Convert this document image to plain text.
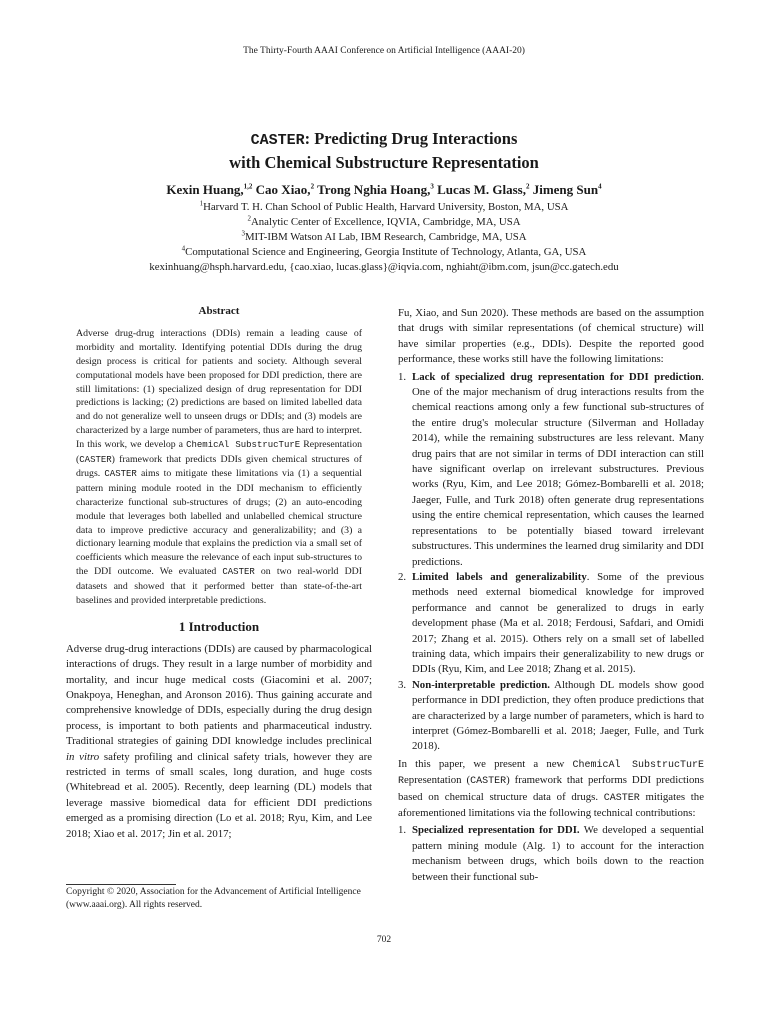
The Thirty-Fourth AAAI Conference on Artificial Intelligence (AAAI-20)
CASTER: Predicting Drug Interactions
with Chemical Substructure Representation
Kexin Huang,$^{1,2}$ Cao Xiao,$^2$ Trong Nghia Hoang,$^3$ Lucas M. Glass,$^2$ Jimeng Sun$^4$
$^1$Harvard T. H. Chan School of Public Health, Harvard University, Boston, MA, USA
$^2$Analytic Center of Excellence, IQVIA, Cambridge, MA, USA
$^3$MIT-IBM Watson AI Lab, IBM Research, Cambridge, MA, USA
$^4$Computational Science and Engineering, Georgia Institute of Technology, Atlanta, GA, USA
kexinhuang@hsph.harvard.edu, {cao.xiao, lucas.glass}@iqvia.com, nghiaht@ibm.com, jsun@cc.gatech.edu
Abstract

Adverse drug-drug interactions (DDIs) remain a leading cause of morbidity and mortality. Identifying potential DDIs during the drug design process is critical for patients and society. Although several computational models have been proposed for DDI prediction, there are still limitations: (1) specialized design of drug representation for DDI predictions is lacking; (2) predictions are based on limited labelled data and do not generalize well to unseen drugs or DDIs; and (3) models are characterized by a large number of parameters, thus are hard to interpret. In this work, we develop a ChemicAl SubstrucTurE Representation (CASTER) framework that predicts DDIs given chemical structures of drugs. CASTER aims to mitigate these limitations via (1) a sequential pattern mining module rooted in the DDI mechanism to efficiently characterize functional sub-structures of drugs; (2) an auto-encoding module that leverages both labelled and unlabelled chemical structure data to improve predictive accuracy and generalizability; and (3) a dictionary learning module that explains the prediction via a small set of coefficients which measure the relevance of each input sub-structures to the DDI outcome. We evaluated CASTER on two real-world DDI datasets and showed that it performed better than state-of-the-art baselines and provided interpretable predictions.

1 Introduction

Adverse drug-drug interactions (DDIs) are caused by pharmacological interactions of drugs. They result in a large number of morbidity and mortality, and incur huge medical costs (Giacomini et al. 2007; Onakpoya, Heneghan, and Aronson 2016). Thus gaining accurate and comprehensive knowledge of DDIs, especially during the drug design process, is important to both patients and pharmaceutical industry. Traditional strategies of gaining DDI knowledge includes preclinical in vitro safety profiling and clinical safety trials, however they are restricted in terms of small scales, long duration, and huge costs (Whitebread et al. 2005). Recently, deep learning (DL) models that leverage massive biomedical data for efficient DDI predictions emerged as a promising direction (Lo et al. 2018; Ryu, Kim, and Lee 2018; Xiao et al. 2017; Jin et al. 2017;

Copyright © 2020, Association for the Advancement of Artificial Intelligence (www.aaai.org). All rights reserved.

Fu, Xiao, and Sun 2020). These methods are based on the assumption that drugs with similar representations (of chemical structure) will have similar properties (e.g., DDIs). Despite the reported good performance, these works still have the following limitations:

1. Lack of specialized drug representation for DDI prediction. One of the major mechanism of drug interactions results from the chemical reactions among only a few functional sub-structures of the entire drug's molecular structure (Silverman and Holladay 2014), while the remaining substructures are less relevant. Many drug pairs that are not similar in terms of DDI interaction can still have significant overlap on irrelevant substructures. Previous works (Ryu, Kim, and Lee 2018; Gómez-Bombarelli et al. 2018; Jaeger, Fulle, and Turk 2018) often generate drug representations using the entire chemical representation, which causes the learned representations to be potentially biased toward irrelevant substructures. This undermines the learned drug similarity and DDI predictions.
2. Limited labels and generalizability. Some of the previous methods need external biomedical knowledge for improved performance and cannot be generalized to drugs in early development phase (Ma et al. 2018; Ferdousi, Safdari, and Omidi 2017; Zhang et al. 2015). Others rely on a small set of labelled training data, which impairs their generalizability to new drugs or DDIs (Ryu, Kim, and Lee 2018; Zhang et al. 2015).
3. Non-interpretable prediction. Although DL models show good performance in DDI prediction, they often produce predictions that are characterized by a large number of parameters, which is hard to interpret (Gómez-Bombarelli et al. 2018; Jaeger, Fulle, and Turk 2018).

In this paper, we present a new ChemicAl SubstrucTurE Representation (CASTER) framework that performs DDI predictions based on chemical structure data of drugs. CASTER mitigates the aforementioned limitations via the following technical contributions:

1. Specialized representation for DDI. We developed a sequential pattern mining module (Alg. 1) to account for the interaction mechanism between drugs, which boils down to the reaction between their functional sub-
702
